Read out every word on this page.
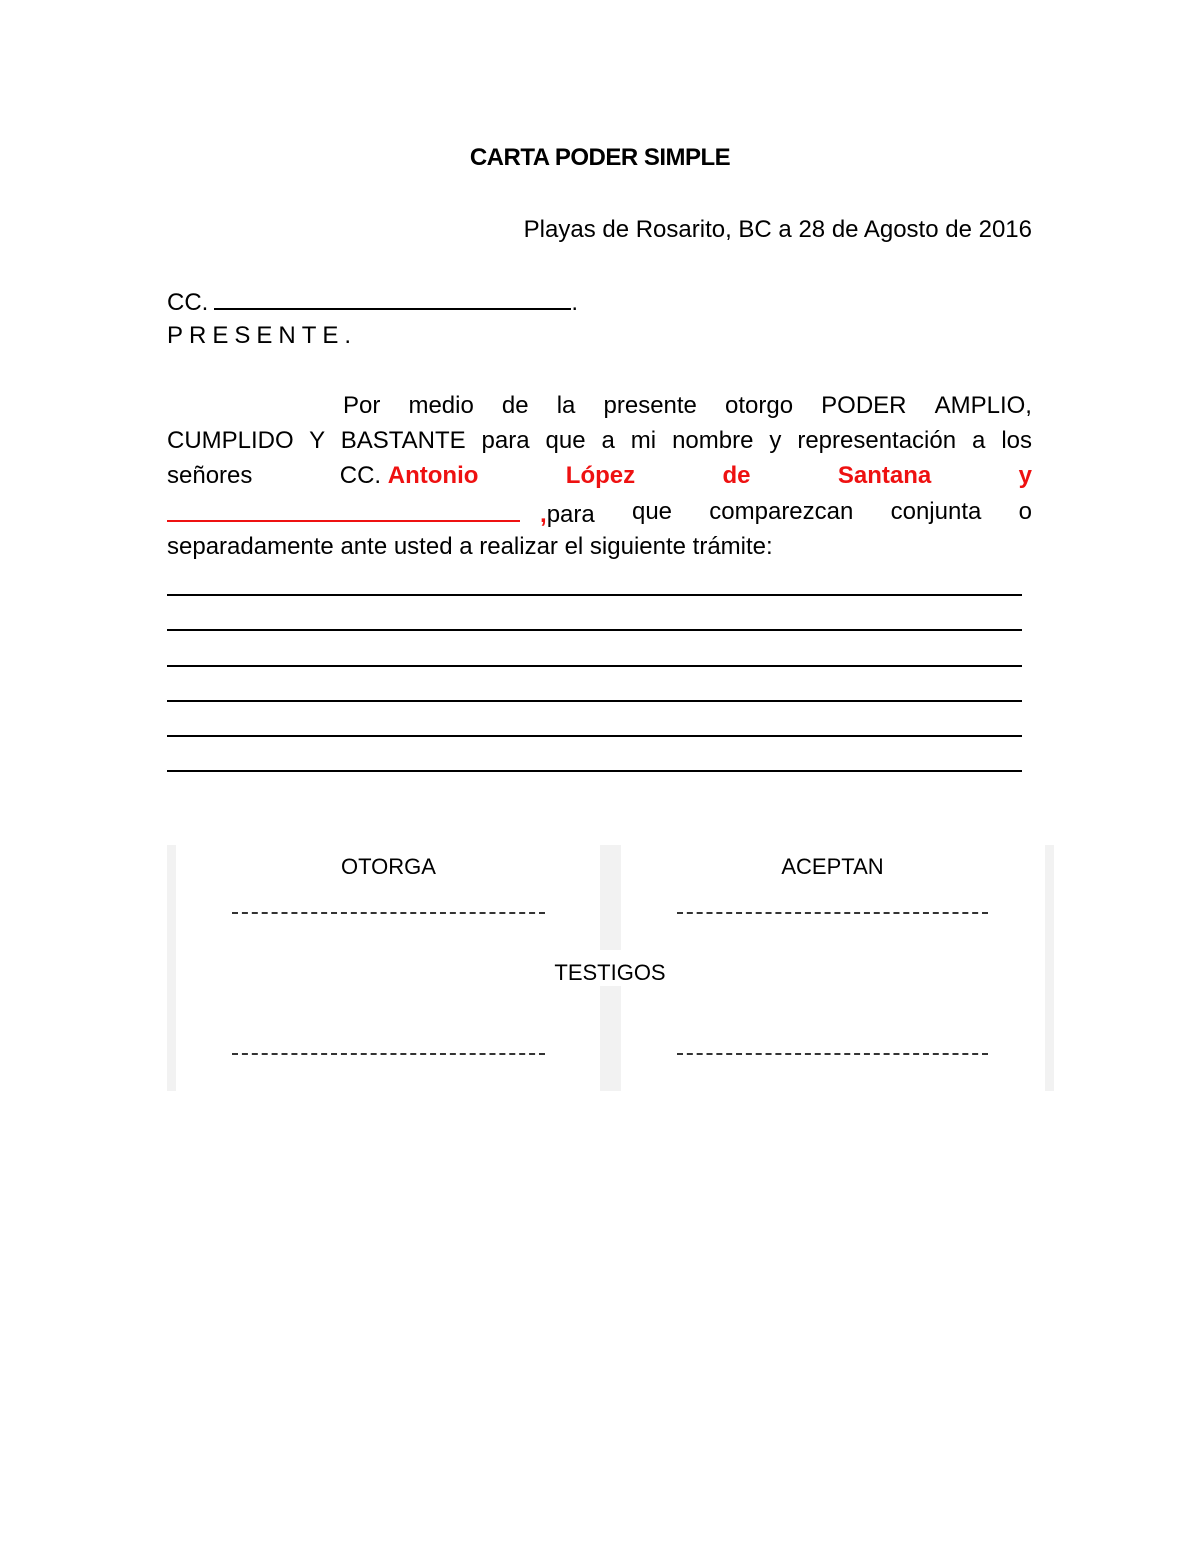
CARTA PODER SIMPLE
Playas de Rosarito, BC a 28 de Agosto de 2016
CC.	.
PRESENTE.
Por medio de la presente otorgo PODER AMPLIO,
CUMPLIDO Y BASTANTE para que a mi nombre y representación a los
señores	CC. Antonio	López	de	Santana	y
,para que comparezcan conjunta o
separadamente ante usted a realizar el siguiente trámite:
OTORGA	ACEPTAN
TESTIGOS
